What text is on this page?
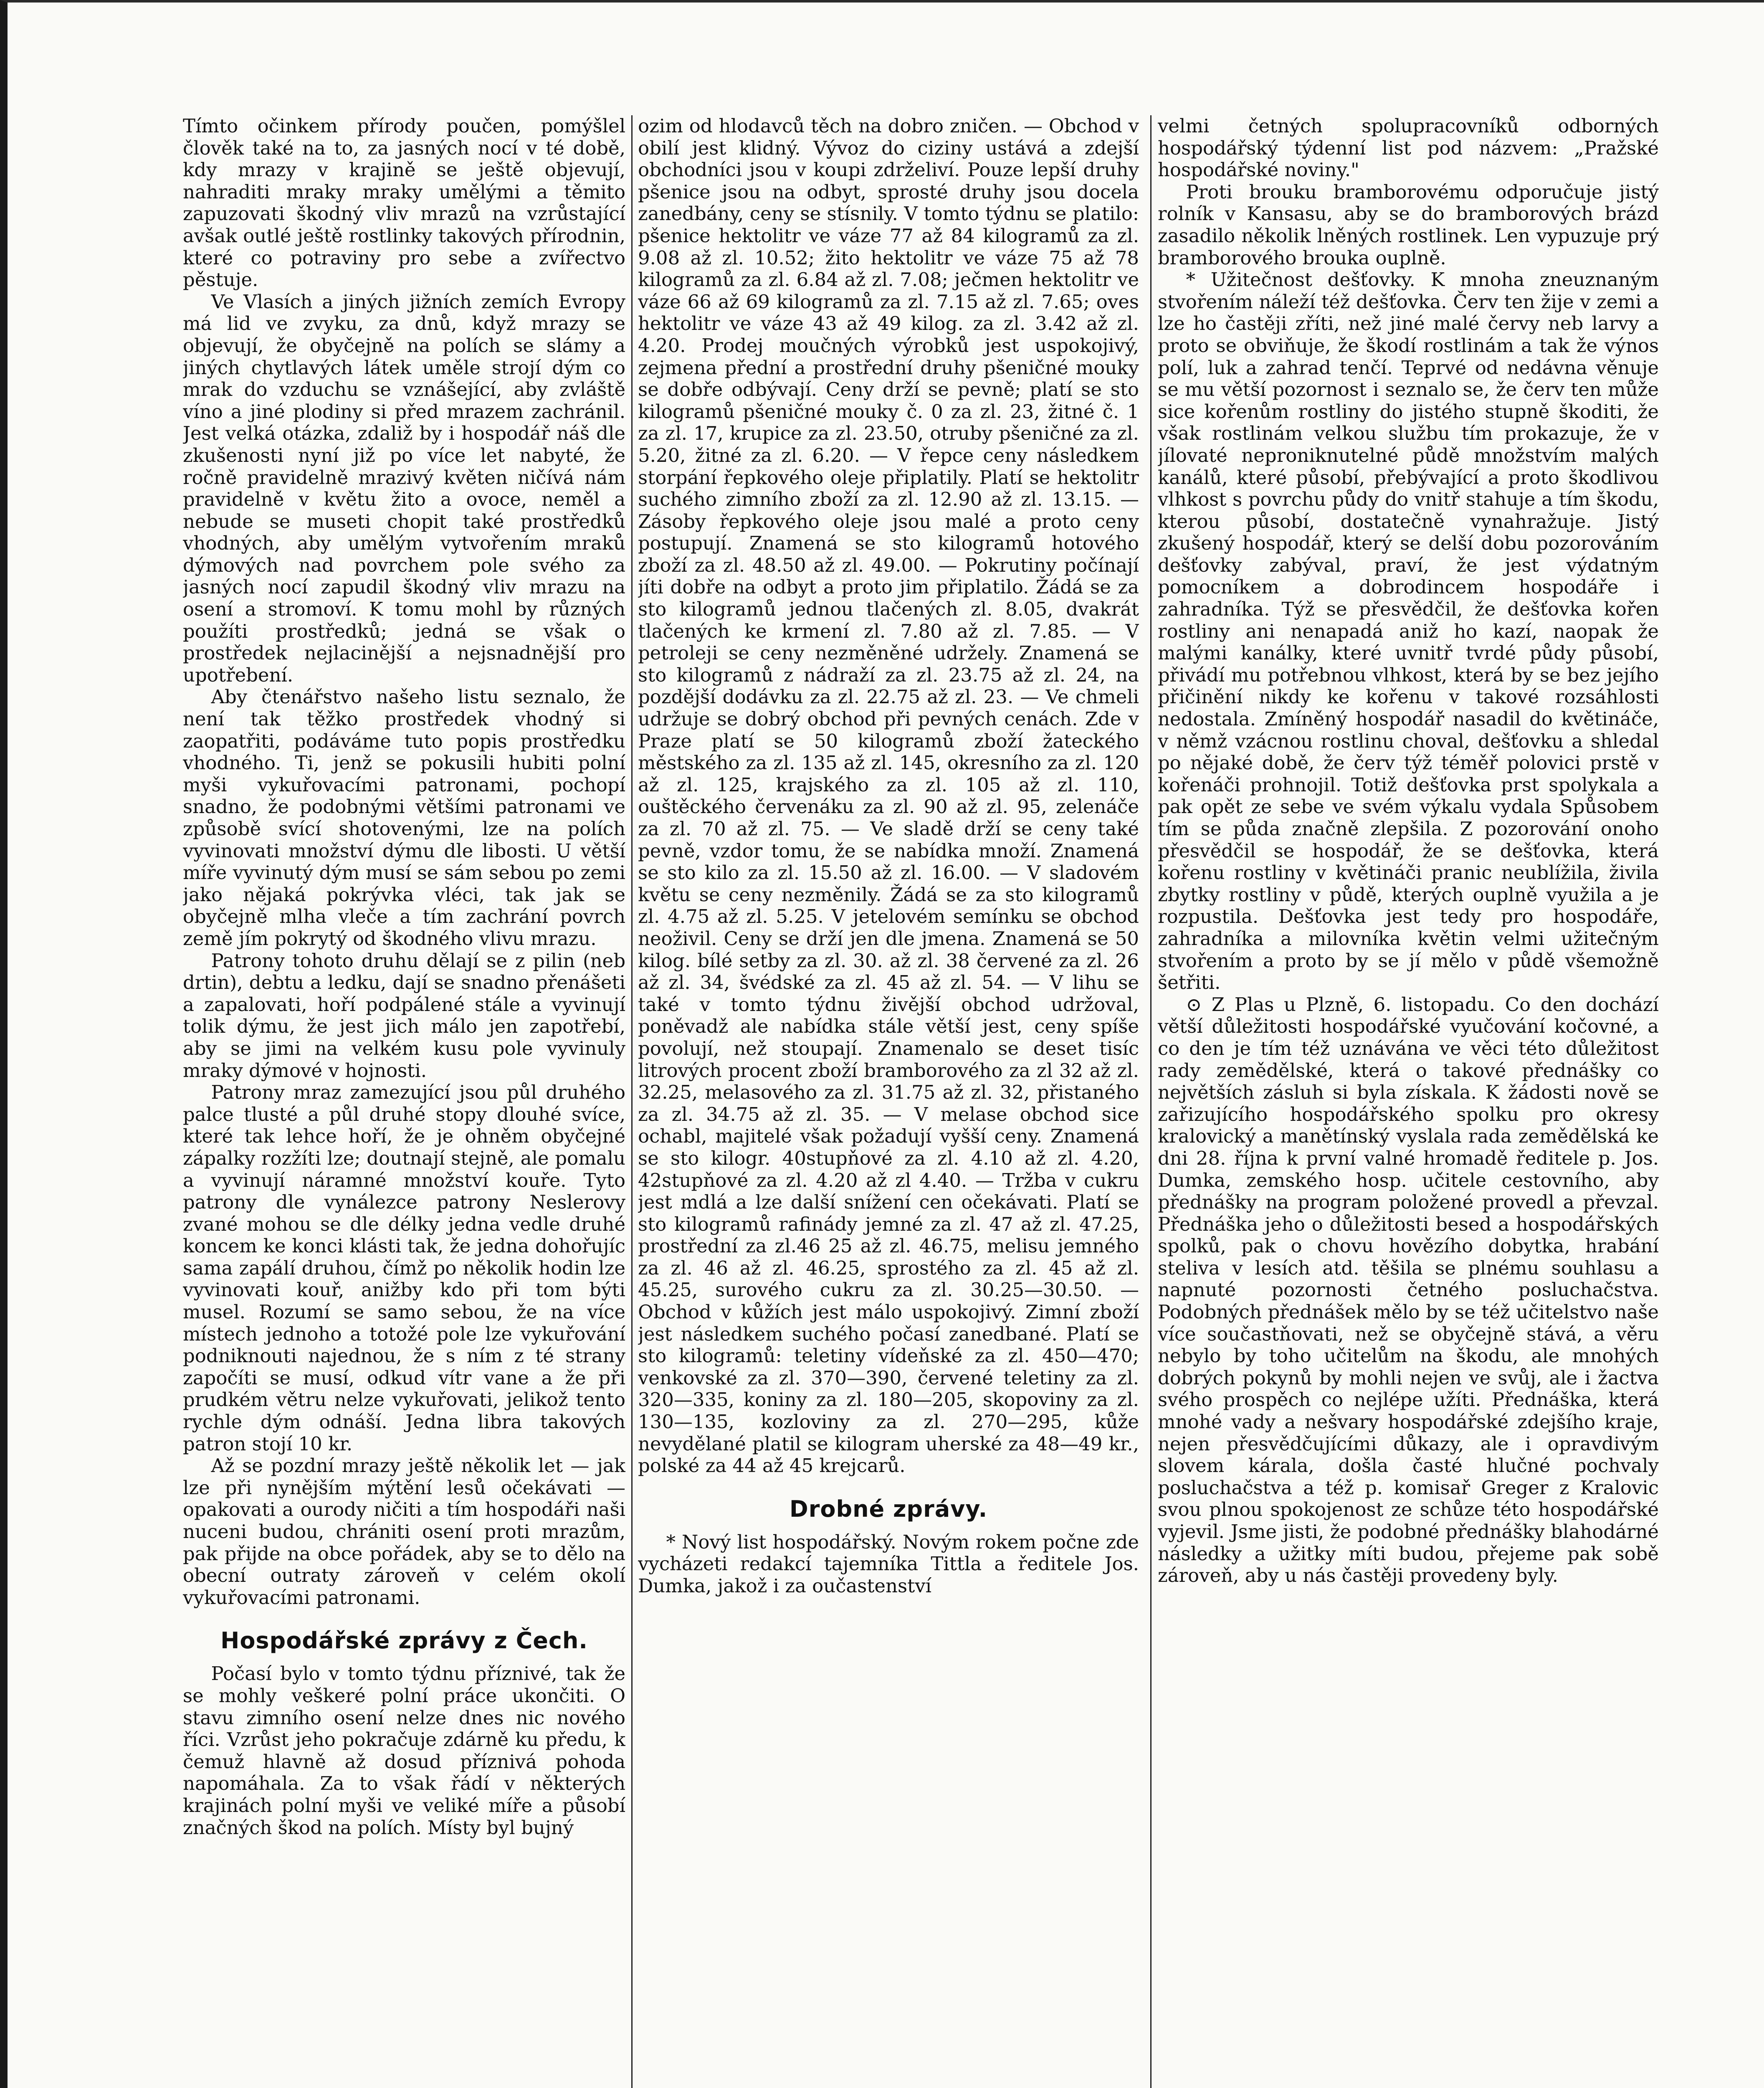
Tímto očinkem přírody poučen, pomýšlel člověk také na to, za jasných nocí v té době, kdy mrazy v krajině se ještě objevují, nahraditi mraky mraky umělými a těmito zapuzovati škodný vliv mrazů na vzrůstající avšak outlé ještě rostlinky takových přírodnin, které co potraviny pro sebe a zvířectvo pěstuje.

Ve Vlasích a jiných jižních zemích Evropy má lid ve zvyku, za dnů, když mrazy se objevují, že obyčejně na polích se slámy a jiných chytlavých látek uměle strojí dým co mrak do vzduchu se vznášející, aby zvláště víno a jiné plodiny si před mrazem zachránil. Jest velká otázka, zdaliž by i hospodář náš dle zkušenosti nyní již po více let nabyté, že ročně pravidelně mrazivý květen ničívá nám pravidelně v květu žito a ovoce, neměl a nebude se museti chopit také prostředků vhodných, aby umělým vytvořením mraků dýmových nad povrchem pole svého za jasných nocí zapudil škodný vliv mrazu na osení a stromoví. K tomu mohl by různých použíti prostředků; jedná se však o prostředek nejlacinější a nejsnadnější pro upotřebení.

Aby čtenářstvo našeho listu seznalo, že není tak těžko prostředek vhodný si zaopatřiti, podáváme tuto popis prostředku vhodného. Ti, jenž se pokusili hubiti polní myši vykuřovacími patronami, pochopí snadno, že podobnými většími patronami ve způsobě svící shotovenými, lze na polích vyvinovati množství dýmu dle libosti. U větší míře vyvinutý dým musí se sám sebou po zemi jako nějaká pokrývka vléci, tak jak se obyčejně mlha vleče a tím zachrání povrch země jím pokrytý od škodného vlivu mrazu.

Patrony tohoto druhu dělají se z pilin (neb drtin), debtu a ledku, dají se snadno přenášeti a zapalovati, hoří podpálené stále a vyvinují tolik dýmu, že jest jich málo jen zapotřebí, aby se jimi na velkém kusu pole vyvinuly mraky dýmové v hojnosti.

Patrony mraz zamezující jsou půl druhého palce tlusté a půl druhé stopy dlouhé svíce, které tak lehce hoří, že je ohněm obyčejné zápalky rozžíti lze; doutnají stejně, ale pomalu a vyvinují náramné množství kouře. Tyto patrony dle vynálezce patrony Neslerovy zvané mohou se dle délky jedna vedle druhé koncem ke konci klásti tak, že jedna dohořujíc sama zapálí druhou, čímž po několik hodin lze vyvinovati kouř, anižby kdo při tom býti musel. Rozumí se samo sebou, že na více místech jednoho a totožé pole lze vykuřování podniknouti najednou, že s ním z té strany započíti se musí, odkud vítr vane a že při prudkém větru nelze vykuřovati, jelikož tento rychle dým odnáší. Jedna libra takových patron stojí 10 kr.

Až se pozdní mrazy ještě několik let — jak lze při nynějším mýtění lesů očekávati — opakovati a ourody ničiti a tím hospodáři naši nuceni budou, chrániti osení proti mrazům, pak přijde na obce pořádek, aby se to dělo na obecní outraty zároveň v celém okolí vykuřovacími patronami.

Hospodářské zprávy z Čech.

Počasí bylo v tomto týdnu příznivé, tak že se mohly veškeré polní práce ukončiti. O stavu zimního osení nelze dnes nic nového říci. Vzrůst jeho pokračuje zdárně ku předu, k čemuž hlavně až dosud příznivá pohoda napomáhala. Za to však řádí v některých krajinách polní myši ve veliké míře a působí značných škod na polích. Místy byl bujný

ozim od hlodavců těch na dobro zničen. — Obchod v obilí jest klidný. Vývoz do ciziny ustává a zdejší obchodníci jsou v koupi zdrželiví. Pouze lepší druhy pšenice jsou na odbyt, sprosté druhy jsou docela zanedbány, ceny se stísnily. V tomto týdnu se platilo: pšenice hektolitr ve váze 77 až 84 kilogramů za zl. 9.08 až zl. 10.52; žito hektolitr ve váze 75 až 78 kilogramů za zl. 6.84 až zl. 7.08; ječmen hektolitr ve váze 66 až 69 kilogramů za zl. 7.15 až zl. 7.65; oves hektolitr ve váze 43 až 49 kilog. za zl. 3.42 až zl. 4.20. Prodej moučných výrobků jest uspokojivý, zejmena přední a prostřední druhy pšeničné mouky se dobře odbývají. Ceny drží se pevně; platí se sto kilogramů pšeničné mouky č. 0 za zl. 23, žitné č. 1 za zl. 17, krupice za zl. 23.50, otruby pšeničné za zl. 5.20, žitné za zl. 6.20. — V řepce ceny následkem storpání řepkového oleje připlatily. Platí se hektolitr suchého zimního zboží za zl. 12.90 až zl. 13.15. — Zásoby řepkového oleje jsou malé a proto ceny postupují. Znamená se sto kilogramů hotového zboží za zl. 48.50 až zl. 49.00. — Pokrutiny počínají jíti dobře na odbyt a proto jim připlatilo. Žádá se za sto kilogramů jednou tlačených zl. 8.05, dvakrát tlačených ke krmení zl. 7.80 až zl. 7.85. — V petroleji se ceny nezměněné udržely. Znamená se sto kilogramů z nádraží za zl. 23.75 až zl. 24, na pozdější dodávku za zl. 22.75 až zl. 23. — Ve chmeli udržuje se dobrý obchod při pevných cenách. Zde v Praze platí se 50 kilogramů zboží žateckého městského za zl. 135 až zl. 145, okresního za zl. 120 až zl. 125, krajského za zl. 105 až zl. 110, ouštěckého červenáku za zl. 90 až zl. 95, zelenáče za zl. 70 až zl. 75. — Ve sladě drží se ceny také pevně, vzdor tomu, že se nabídka množí. Znamená se sto kilo za zl. 15.50 až zl. 16.00. — V sladovém květu se ceny nezměnily. Žádá se za sto kilogramů zl. 4.75 až zl. 5.25. V jetelovém semínku se obchod neoživil. Ceny se drží jen dle jmena. Znamená se 50 kilog. bílé setby za zl. 30. až zl. 38 červené za zl. 26 až zl. 34, švédské za zl. 45 až zl. 54. — V lihu se také v tomto týdnu živější obchod udržoval, poněvadž ale nabídka stále větší jest, ceny spíše povolují, než stoupají. Znamenalo se deset tisíc litrových procent zboží bramborového za zl 32 až zl. 32.25, melasového za zl. 31.75 až zl. 32, přistaného za zl. 34.75 až zl. 35. — V melase obchod sice ochabl, majitelé však požadují vyšší ceny. Znamená se sto kilogr. 40stupňové za zl. 4.10 až zl. 4.20, 42stupňové za zl. 4.20 až zl 4.40. — Tržba v cukru jest mdlá a lze další snížení cen očekávati. Platí se sto kilogramů rafinády jemné za zl. 47 až zl. 47.25, prostřední za zl.46 25 až zl. 46.75, melisu jemného za zl. 46 až zl. 46.25, sprostého za zl. 45 až zl. 45.25, surového cukru za zl. 30.25—30.50. — Obchod v kůžích jest málo uspokojivý. Zimní zboží jest následkem suchého počasí zanedbané. Platí se sto kilogramů: teletiny vídeňské za zl. 450—470; venkovské za zl. 370—390, červené teletiny za zl. 320—335, koniny za zl. 180—205, skopoviny za zl. 130—135, kozloviny za zl. 270—295, kůže nevydělané platil se kilogram uherské za 48—49 kr., polské za 44 až 45 krejcarů.

Drobné zprávy.

* Nový list hospodářský. Novým rokem počne zde vycházeti redakcí tajemníka Tittla a ředitele Jos. Dumka, jakož i za oučastenství

velmi četných spolupracovníků odborných hospodářský týdenní list pod názvem: „Pražské hospodářské noviny."

Proti brouku bramborovému odporučuje jistý rolník v Kansasu, aby se do bramborových brázd zasadilo několik lněných rostlinek. Len vypuzuje prý bramborového brouka ouplně.

* Užitečnost dešťovky. K mnoha zneuznaným stvořením náleží též dešťovka. Červ ten žije v zemi a lze ho častěji zříti, než jiné malé červy neb larvy a proto se obviňuje, že škodí rostlinám a tak že výnos polí, luk a zahrad tenčí. Teprvé od nedávna věnuje se mu větší pozornost i seznalo se, že červ ten může sice kořenům rostliny do jistého stupně škoditi, že však rostlinám velkou službu tím prokazuje, že v jílovaté neproniknutelné půdě množstvím malých kanálů, které působí, přebývající a proto škodlivou vlhkost s povrchu půdy do vnitř stahuje a tím škodu, kterou působí, dostatečně vynahražuje. Jistý zkušený hospodář, který se delší dobu pozorováním dešťovky zabýval, praví, že jest výdatným pomocníkem a dobrodincem hospodáře i zahradníka. Týž se přesvědčil, že dešťovka kořen rostliny ani nenapadá aniž ho kazí, naopak že malými kanálky, které uvnitř tvrdé půdy působí, přivádí mu potřebnou vlhkost, která by se bez jejího přičinění nikdy ke kořenu v takové rozsáhlosti nedostala. Zmíněný hospodář nasadil do květináče, v němž vzácnou rostlinu choval, dešťovku a shledal po nějaké době, že červ týž téměř polovici prstě v kořenáči prohnojil. Totiž dešťovka prst spolykala a pak opět ze sebe ve svém výkalu vydala Spůsobem tím se půda značně zlepšila. Z pozorování onoho přesvědčil se hospodář, že se dešťovka, která kořenu rostliny v květináči pranic neublížila, živila zbytky rostliny v půdě, kterých ouplně využila a je rozpustila. Dešťovka jest tedy pro hospodáře, zahradníka a milovníka květin velmi užitečným stvořením a proto by se jí mělo v půdě všemožně šetřiti.

⊙ Z Plas u Plzně, 6. listopadu. Co den dochází větší důležitosti hospodářské vyučování kočovné, a co den je tím též uznávána ve věci této důležitost rady zemědělské, která o takové přednášky co největších zásluh si byla získala. K žádosti nově se zařizujícího hospodářského spolku pro okresy kralovický a manětínský vyslala rada zemědělská ke dni 28. října k první valné hromadě ředitele p. Jos. Dumka, zemského hosp. učitele cestovního, aby přednášky na program položené provedl a převzal. Přednáška jeho o důležitosti besed a hospodářských spolků, pak o chovu hovězího dobytka, hrabání steliva v lesích atd. těšila se plnému souhlasu a napnuté pozornosti četného posluchačstva. Podobných přednášek mělo by se též učitelstvo naše více součastňovati, než se obyčejně stává, a věru nebylo by toho učitelům na škodu, ale mnohých dobrých pokynů by mohli nejen ve svůj, ale i žactva svého prospěch co nejlépe užíti. Přednáška, která mnohé vady a nešvary hospodářské zdejšího kraje, nejen přesvědčujícími důkazy, ale i opravdivým slovem kárala, došla časté hlučné pochvaly posluchačstva a též p. komisař Greger z Kralovic svou plnou spokojenost ze schůze této hospodářské vyjevil. Jsme jisti, že podobné přednášky blahodárné následky a užitky míti budou, přejeme pak sobě zároveň, aby u nás častěji provedeny byly.
